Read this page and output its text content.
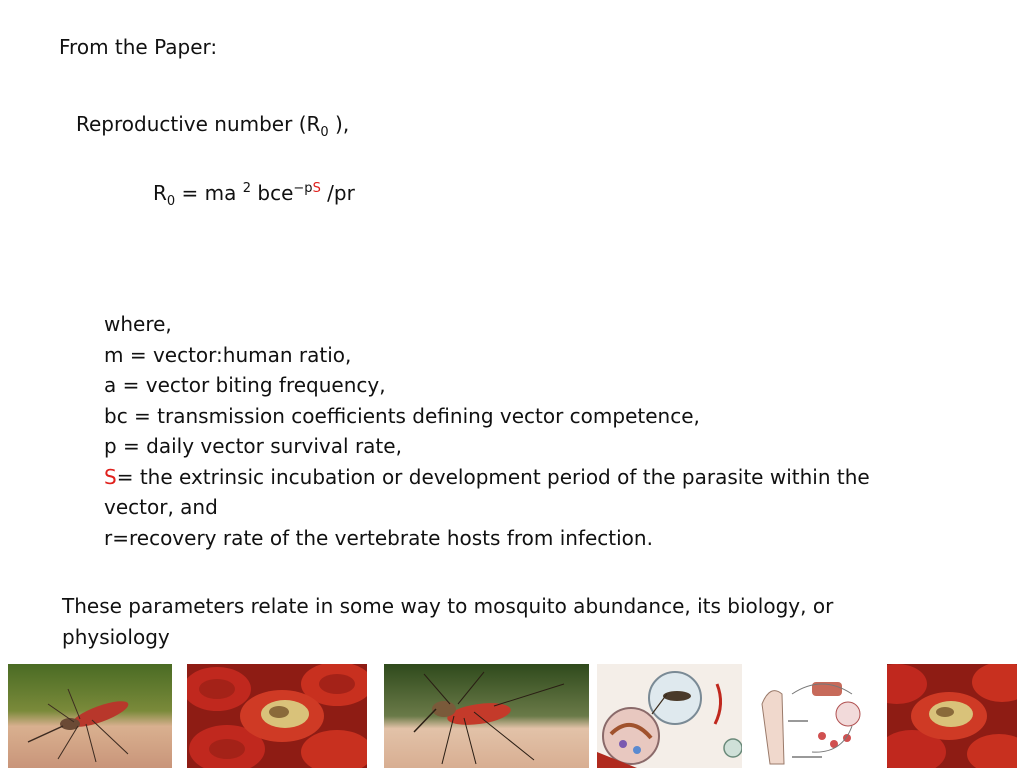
From the Paper:
Reproductive number ($R_0$ ),
$R_0$ = ma $^2$ bce$^{-pS}$ /pr
where,
m = vector:human ratio,
a = vector biting frequency,
bc = transmission coefficients defining vector competence,
p = daily vector survival rate,
S= the extrinsic incubation or development period of the parasite within the vector, and
r=recovery rate of the vertebrate hosts from infection.
These parameters relate in some way to mosquito abundance, its biology, or physiology
